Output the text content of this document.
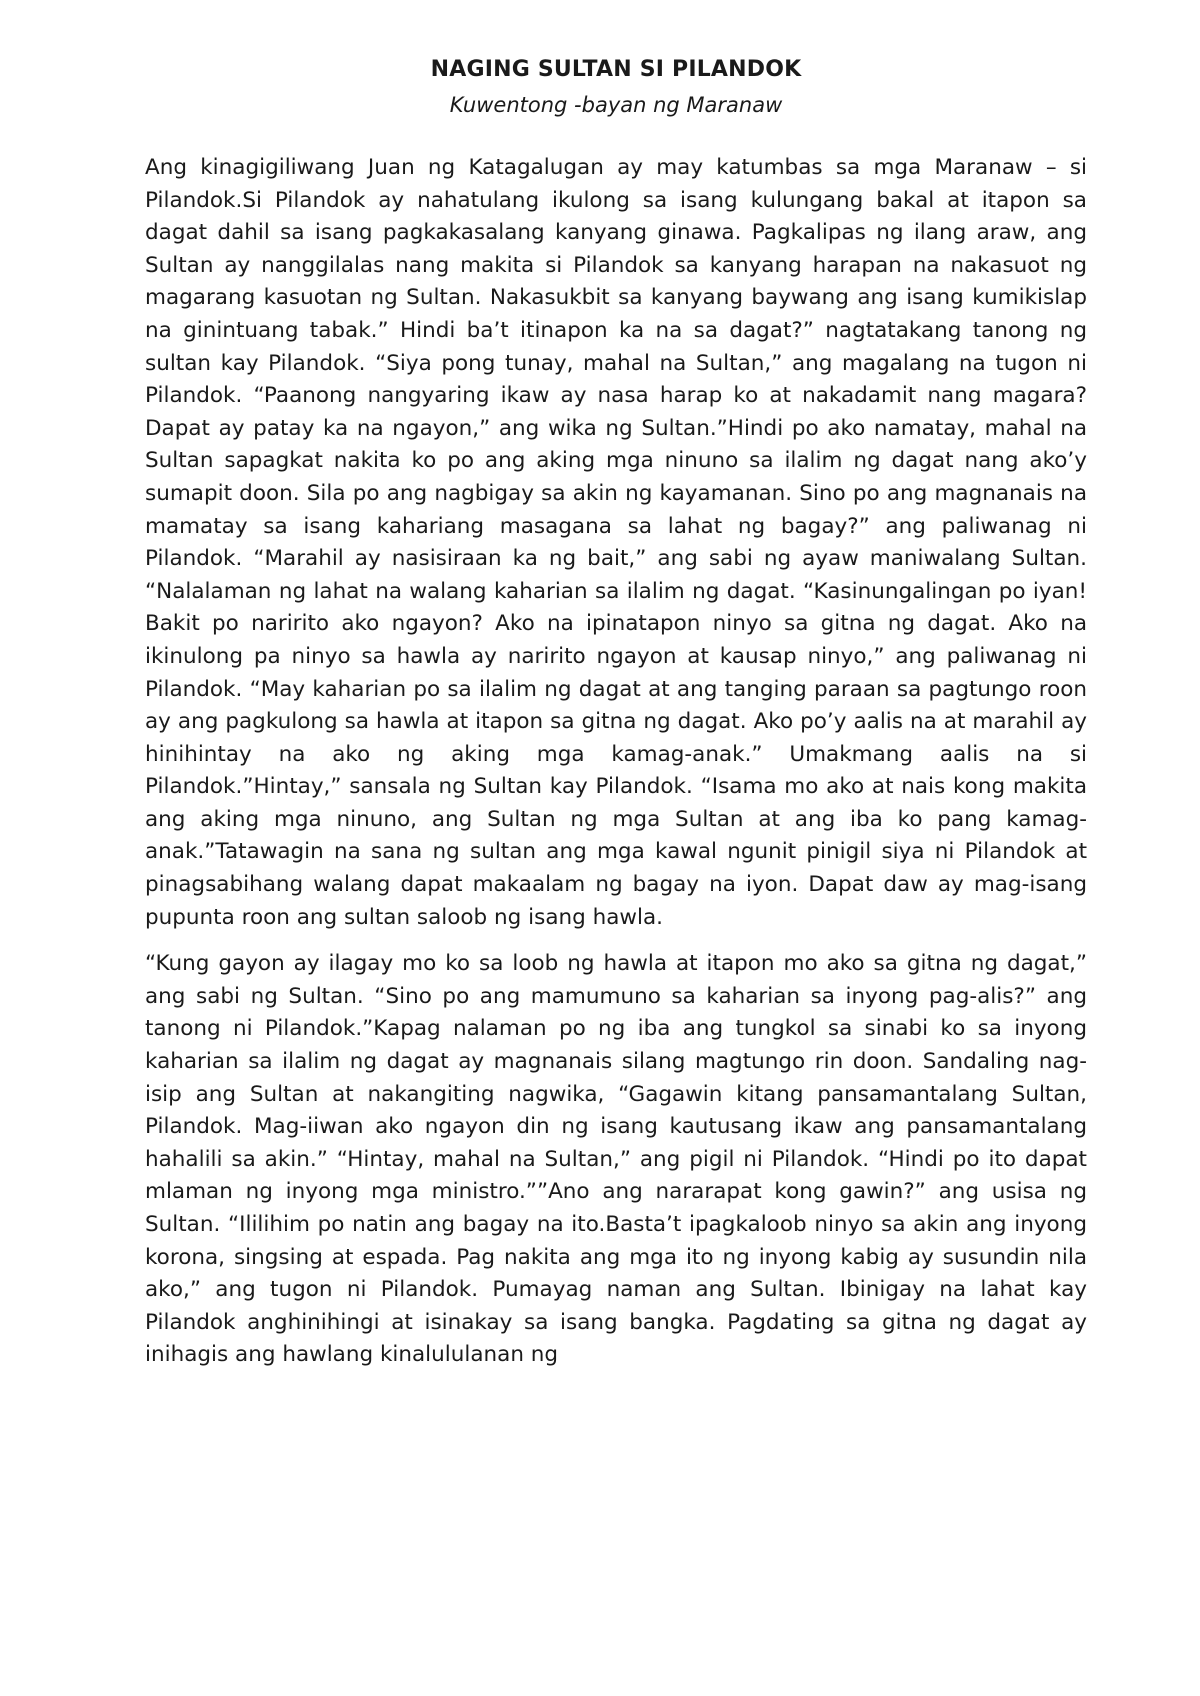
NAGING SULTAN SI PILANDOK

Kuwentong -bayan ng Maranaw

Ang kinagigiliwang Juan ng Katagalugan ay may katumbas sa mga Maranaw – si Pilandok.Si Pilandok ay nahatulang ikulong sa isang kulungang bakal at itapon sa dagat dahil sa isang pagkakasalang kanyang ginawa. Pagkalipas ng ilang araw, ang Sultan ay nanggilalas nang makita si Pilandok sa kanyang harapan na nakasuot ng magarang kasuotan ng Sultan. Nakasukbit sa kanyang baywang ang isang kumikislap na ginintuang tabak.” Hindi ba’t itinapon ka na sa dagat?” nagtatakang tanong ng sultan kay Pilandok. “Siya pong tunay, mahal na Sultan,” ang magalang na tugon ni Pilandok. “Paanong nangyaring ikaw ay nasa harap ko at nakadamit nang magara? Dapat ay patay ka na ngayon,” ang wika ng Sultan.”Hindi po ako namatay, mahal na Sultan sapagkat nakita ko po ang aking mga ninuno sa ilalim ng dagat nang ako’y sumapit doon. Sila po ang nagbigay sa akin ng kayamanan. Sino po ang magnanais na mamatay sa isang kahariang masagana sa lahat ng bagay?” ang paliwanag ni Pilandok. “Marahil ay nasisiraan ka ng bait,” ang sabi ng ayaw maniwalang Sultan. “Nalalaman ng lahat na walang kaharian sa ilalim ng dagat. “Kasinungalingan po iyan! Bakit po naririto ako ngayon? Ako na ipinatapon ninyo sa gitna ng dagat. Ako na ikinulong pa ninyo sa hawla ay naririto ngayon at kausap ninyo,” ang paliwanag ni Pilandok. “May kaharian po sa ilalim ng dagat at ang tanging paraan sa pagtungo roon ay ang pagkulong sa hawla at itapon sa gitna ng dagat. Ako po’y aalis na at marahil ay hinihintay na ako ng aking mga kamag-anak.” Umakmang aalis na si Pilandok.”Hintay,” sansala ng Sultan kay Pilandok. “Isama mo ako at nais kong makita ang aking mga ninuno, ang Sultan ng mga Sultan at ang iba ko pang kamag-anak.”Tatawagin na sana ng sultan ang mga kawal ngunit pinigil siya ni Pilandok at pinagsabihang walang dapat makaalam ng bagay na iyon. Dapat daw ay mag-isang pupunta roon ang sultan saloob ng isang hawla.

“Kung gayon ay ilagay mo ko sa loob ng hawla at itapon mo ako sa gitna ng dagat,” ang sabi ng Sultan. “Sino po ang mamumuno sa kaharian sa inyong pag-alis?” ang tanong ni Pilandok.”Kapag nalaman po ng iba ang tungkol sa sinabi ko sa inyong kaharian sa ilalim ng dagat ay magnanais silang magtungo rin doon. Sandaling nag-isip ang Sultan at nakangiting nagwika, “Gagawin kitang pansamantalang Sultan, Pilandok. Mag-iiwan ako ngayon din ng isang kautusang ikaw ang pansamantalang hahalili sa akin.” “Hintay, mahal na Sultan,” ang pigil ni Pilandok. “Hindi po ito dapat mlaman ng inyong mga ministro.””Ano ang nararapat kong gawin?” ang usisa ng Sultan. “Ililihim po natin ang bagay na ito.Basta’t ipagkaloob ninyo sa akin ang inyong korona, singsing at espada. Pag nakita ang mga ito ng inyong kabig ay susundin nila ako,” ang tugon ni Pilandok. Pumayag naman ang Sultan. Ibinigay na lahat kay Pilandok anghinihingi at isinakay sa isang bangka. Pagdating sa gitna ng dagat ay inihagis ang hawlang kinalululanan ng
